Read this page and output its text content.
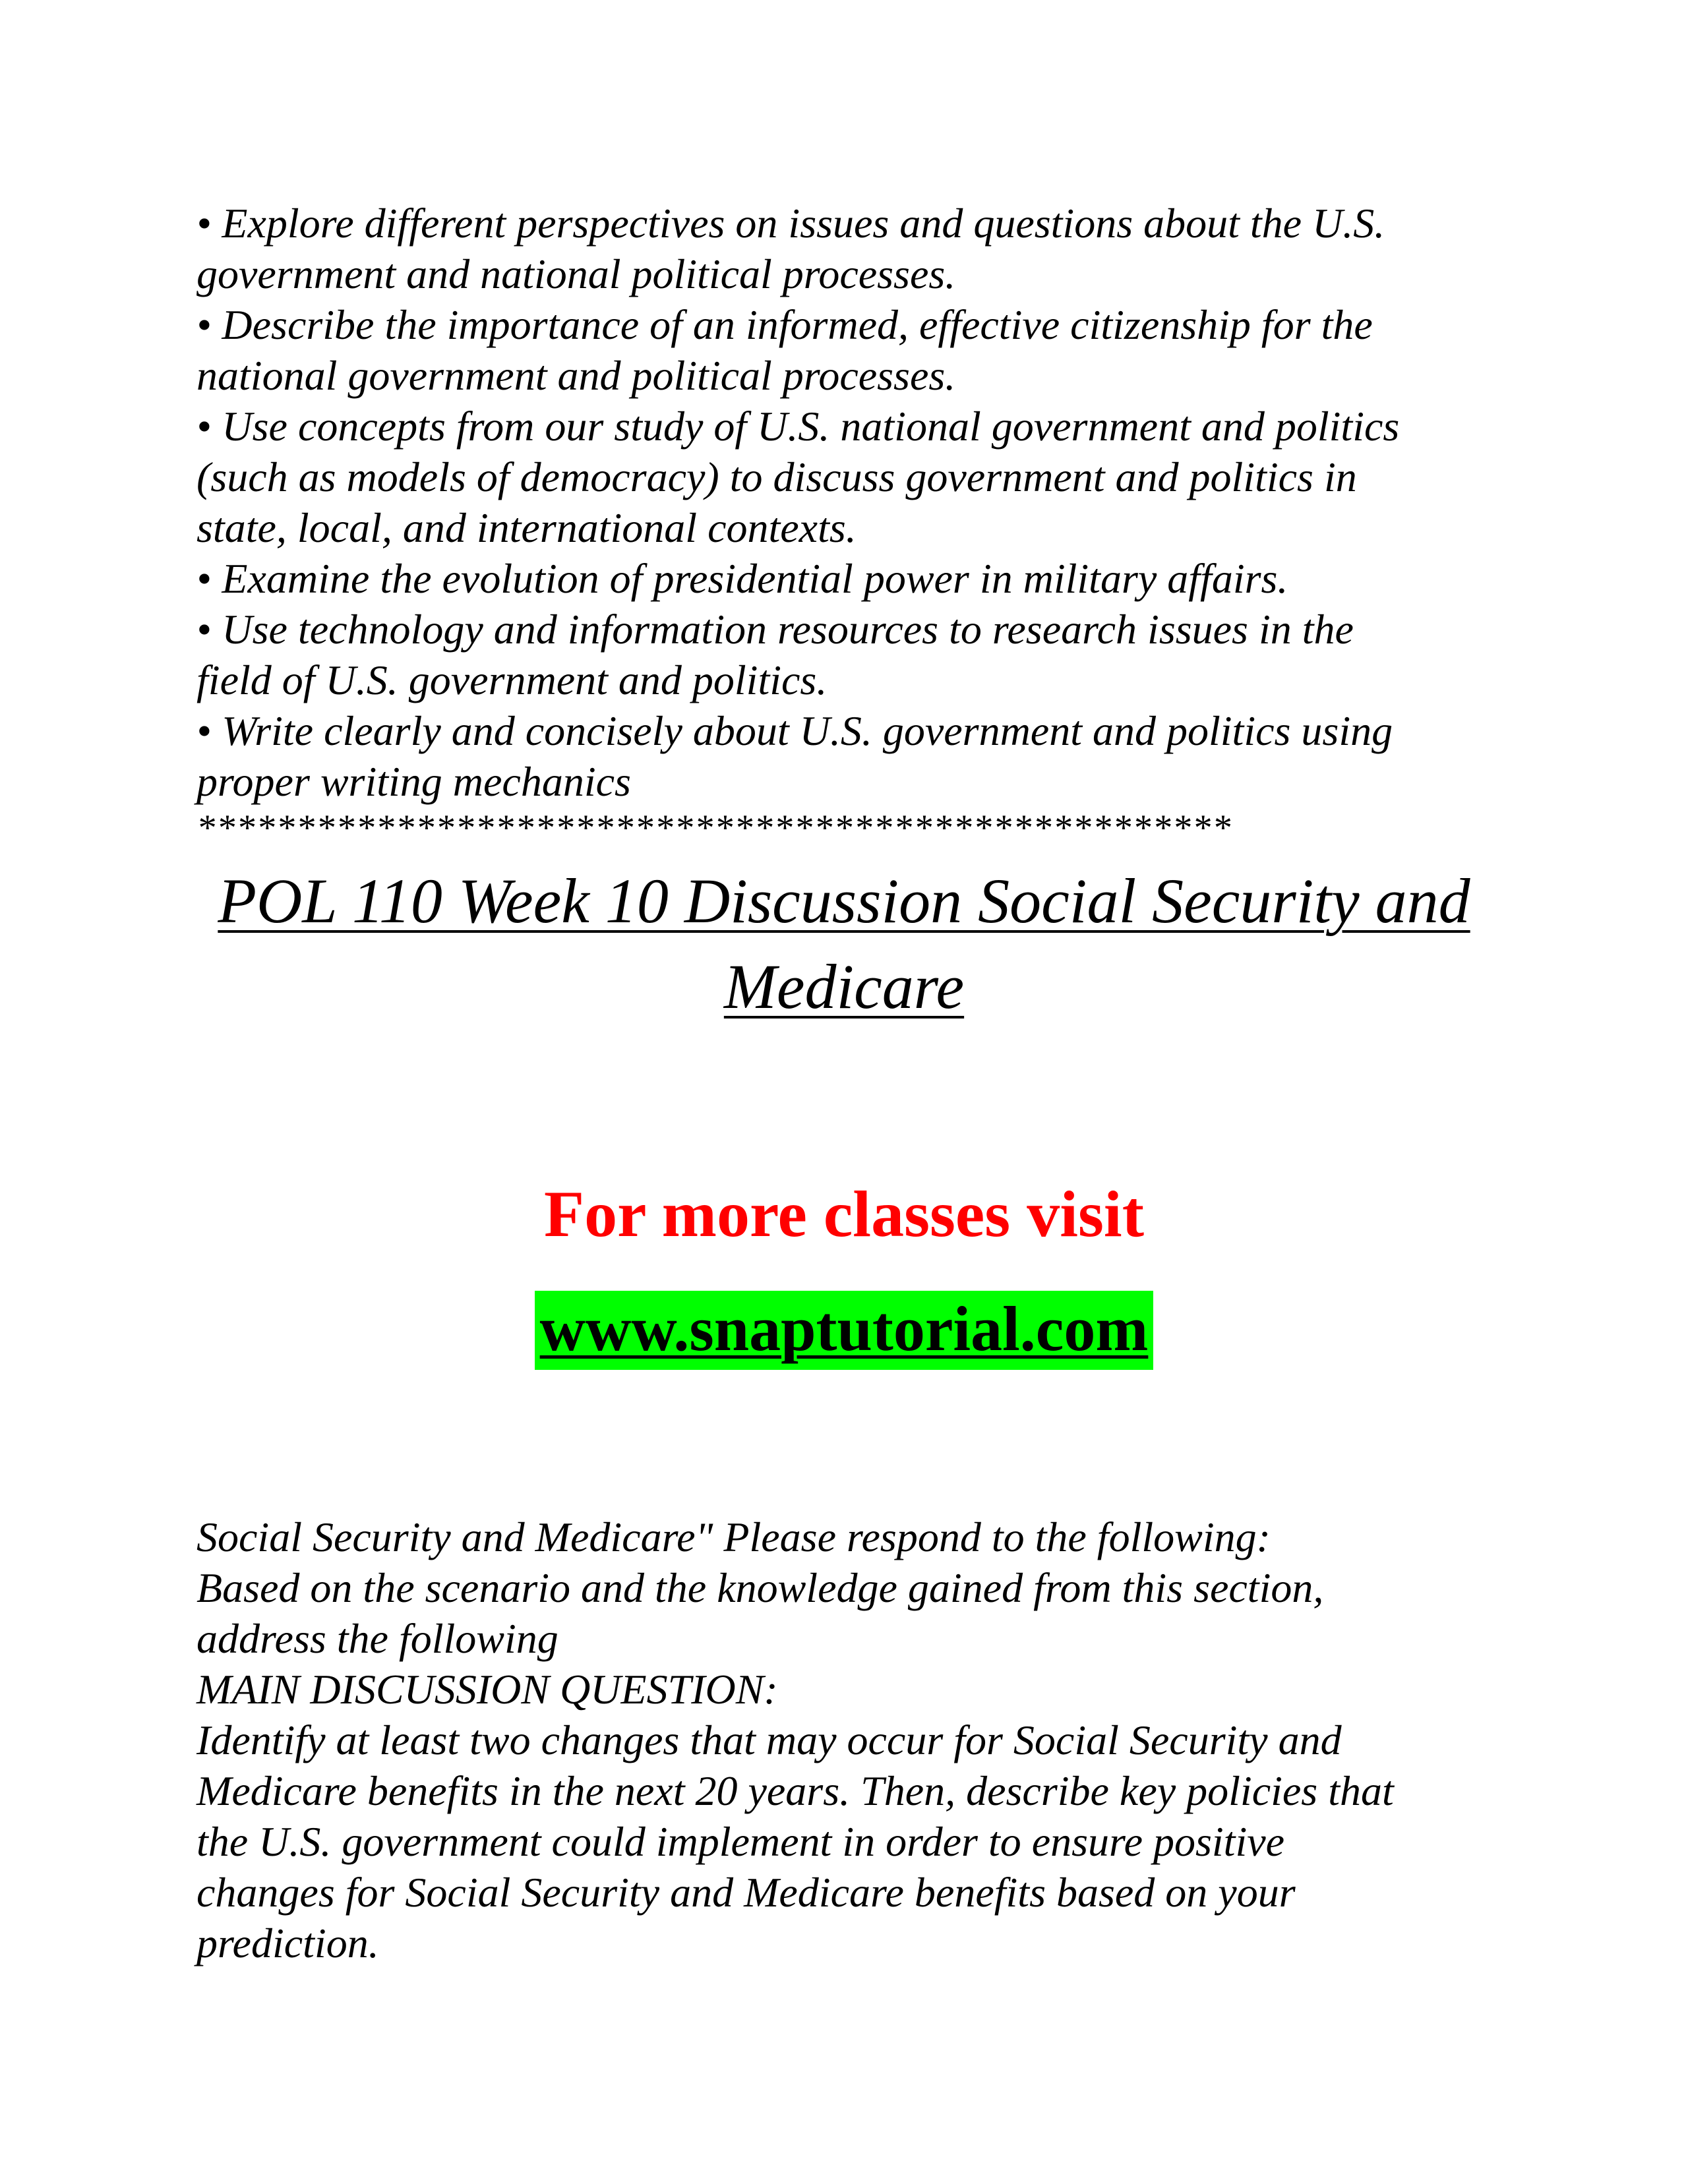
• Explore different perspectives on issues and questions about the U.S.
government and national political processes.
• Describe the importance of an informed, effective citizenship for the
national government and political processes.
• Use concepts from our study of U.S. national government and politics
(such as models of democracy) to discuss government and politics in
state, local, and international contexts.
• Examine the evolution of presidential power in military affairs.
• Use technology and information resources to research issues in the
field of U.S. government and politics.
• Write clearly and concisely about U.S. government and politics using
proper writing mechanics
****************************************************
POL 110 Week 10 Discussion Social Security and
Medicare
For more classes visit
www.snaptutorial.com
Social Security and Medicare" Please respond to the following:
Based on the scenario and the knowledge gained from this section,
address the following
MAIN DISCUSSION QUESTION:
Identify at least two changes that may occur for Social Security and
Medicare benefits in the next 20 years. Then, describe key policies that
the U.S. government could implement in order to ensure positive
changes for Social Security and Medicare benefits based on your
prediction.
